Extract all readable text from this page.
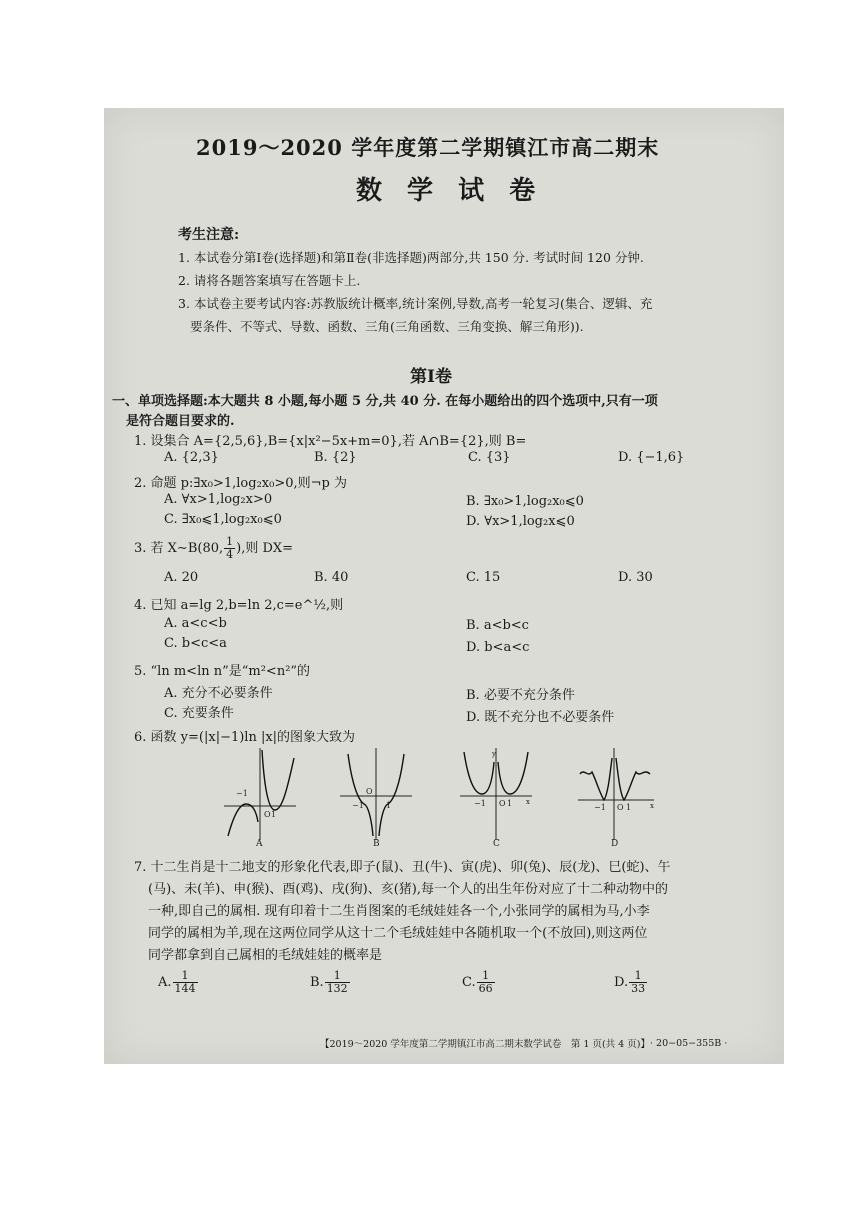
2019～2020 学年度第二学期镇江市高二期末
数 学 试 卷
考生注意:
1. 本试卷分第Ⅰ卷(选择题)和第Ⅱ卷(非选择题)两部分,共 150 分. 考试时间 120 分钟.
2. 请将各题答案填写在答题卡上.
3. 本试卷主要考试内容:苏教版统计概率,统计案例,导数,高考一轮复习(集合、逻辑、充
要条件、不等式、导数、函数、三角(三角函数、三角变换、解三角形)).
第Ⅰ卷
一、单项选择题:本大题共 8 小题,每小题 5 分,共 40 分. 在每小题给出的四个选项中,只有一项
是符合题目要求的.
1. 设集合 A={2,5,6},B={x|x²−5x+m=0},若 A∩B={2},则 B=
A. {2,3}	B. {2}	C. {3}	D. {−1,6}
2. 命题 p:∃x₀>1,log₂x₀>0,则¬p 为
A. ∀x>1,log₂x>0	B. ∃x₀>1,log₂x₀⩽0
C. ∃x₀⩽1,log₂x₀⩽0	D. ∀x>1,log₂x⩽0
3. 若 X∼B(80, $\frac{1}{4}$ ),则 DX=
A. 20	B. 40	C. 15	D. 30
4. 已知 a=lg 2,b=ln 2,c=e^½,则
A. a<c<b	B. a<b<c
C. b<c<a	D. b<a<c
5. “ln m<ln n”是“m²<n²”的
A. 充分不必要条件	B. 必要不充分条件
C. 充要条件	D. 既不充分也不必要条件
6. 函数 y=(|x|−1)ln |x|的图象大致为
−1
O 1
A
−1
O
1
B
−1 O 1
y
x
C
−1 O 1	x
D
7. 十二生肖是十二地支的形象化代表,即子(鼠)、丑(牛)、寅(虎)、卯(兔)、辰(龙)、巳(蛇)、午
(马)、未(羊)、申(猴)、酉(鸡)、戌(狗)、亥(猪),每一个人的出生年份对应了十二种动物中的
一种,即自己的属相. 现有印着十二生肖图案的毛绒娃娃各一个,小张同学的属相为马,小李
同学的属相为羊,现在这两位同学从这十二个毛绒娃娃中各随机取一个(不放回),则这两位
同学都拿到自己属相的毛绒娃娃的概率是
A. $\frac{1}{144}$	B. $\frac{1}{132}$	C. $\frac{1}{66}$	D. $\frac{1}{33}$
【2019～2020 学年度第二学期镇江市高二期末数学试卷　第 1 页(共 4 页)】 · 20−05−355B ·
